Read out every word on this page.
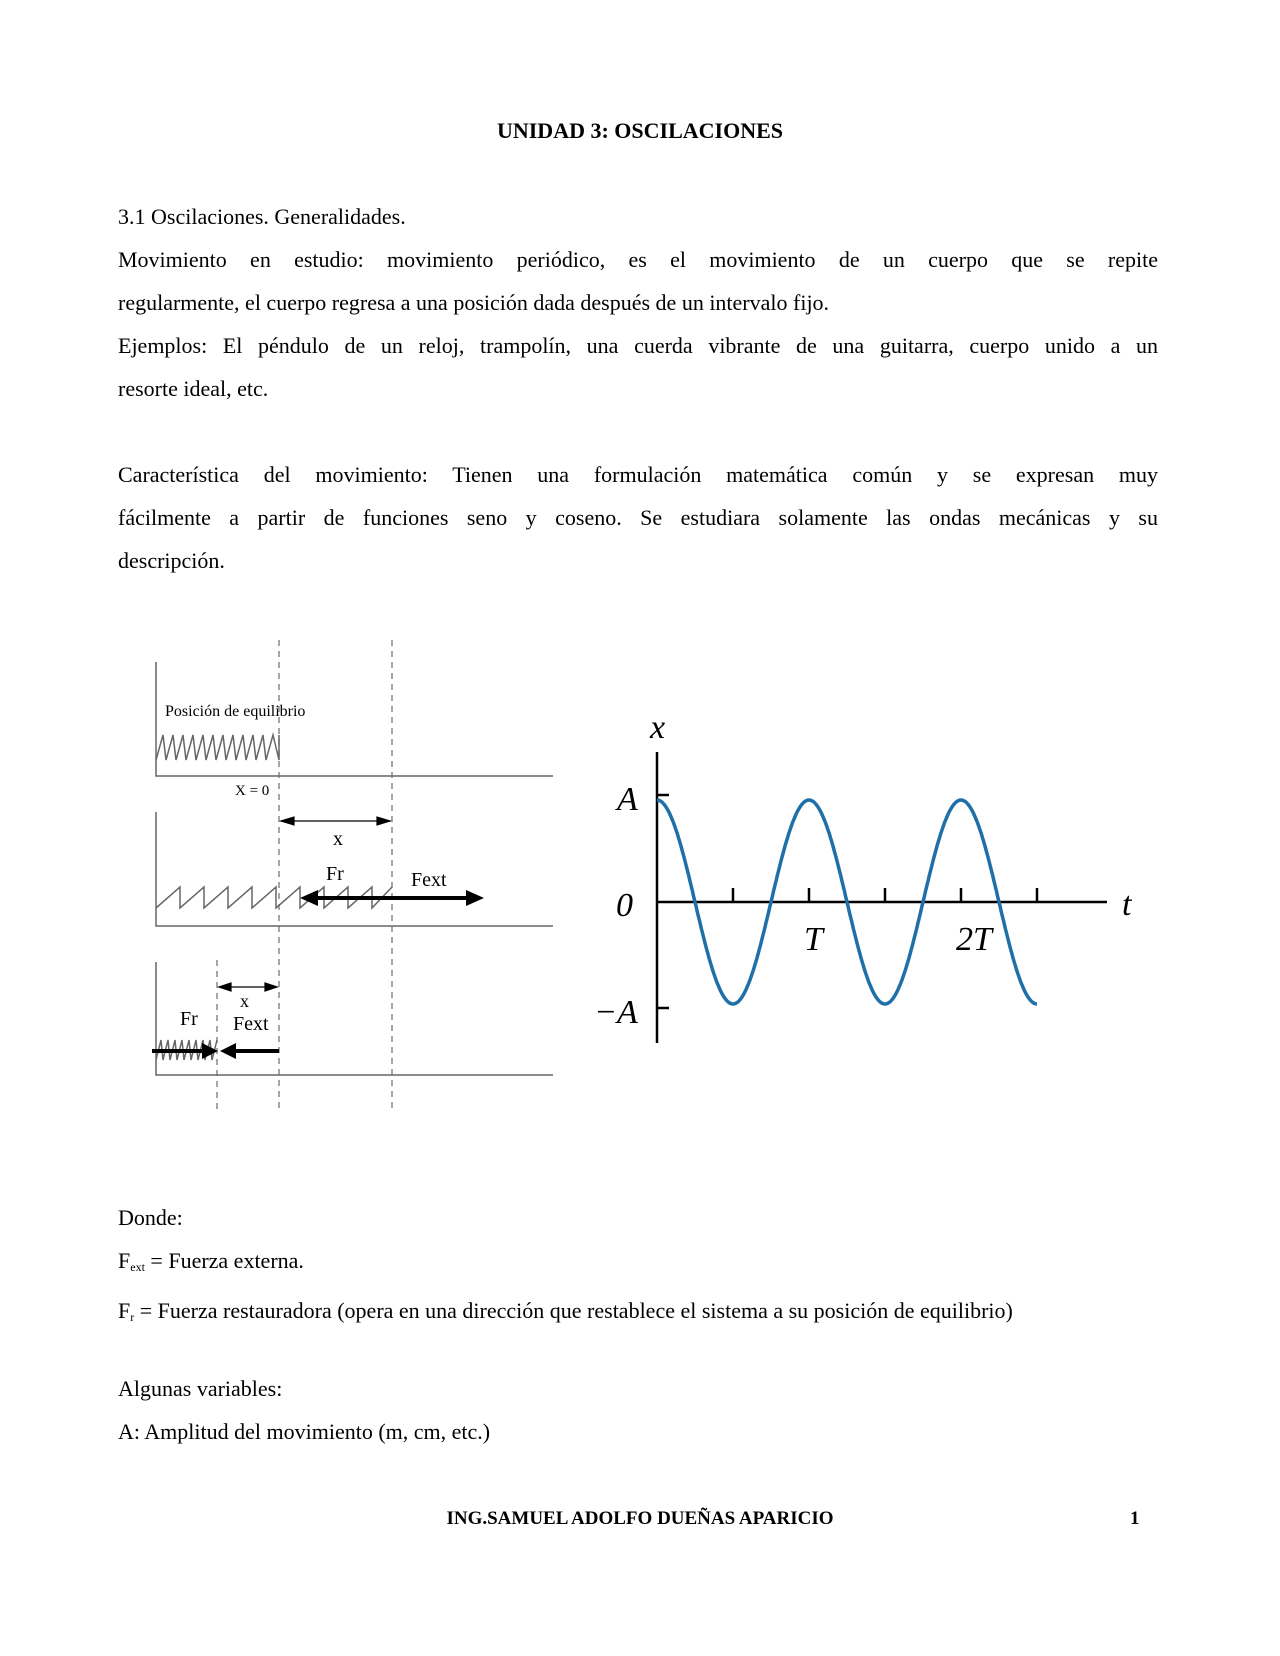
UNIDAD 3: OSCILACIONES
3.1 Oscilaciones. Generalidades.
Movimiento en estudio: movimiento periódico, es el movimiento de un cuerpo que se repite
regularmente, el cuerpo regresa a una posición dada después de un intervalo fijo.
Ejemplos: El péndulo de un reloj, trampolín, una cuerda vibrante de una guitarra, cuerpo unido a un
resorte ideal, etc.
Característica del movimiento: Tienen una formulación matemática común y se expresan muy
fácilmente a partir de funciones seno y coseno. Se estudiara solamente las ondas mecánicas y su
descripción.
Posición de equilibrio
X = 0
x
Fr	Fext
x
Fr Fext
x
t
A
0
−A
T	2T
Donde:
$F_{ext}$ = Fuerza externa.
$F_r$ = Fuerza restauradora (opera en una dirección que restablece el sistema a su posición de equilibrio)
Algunas variables:
A: Amplitud del movimiento (m, cm, etc.)
ING.SAMUEL ADOLFO DUEÑAS APARICIO	1
